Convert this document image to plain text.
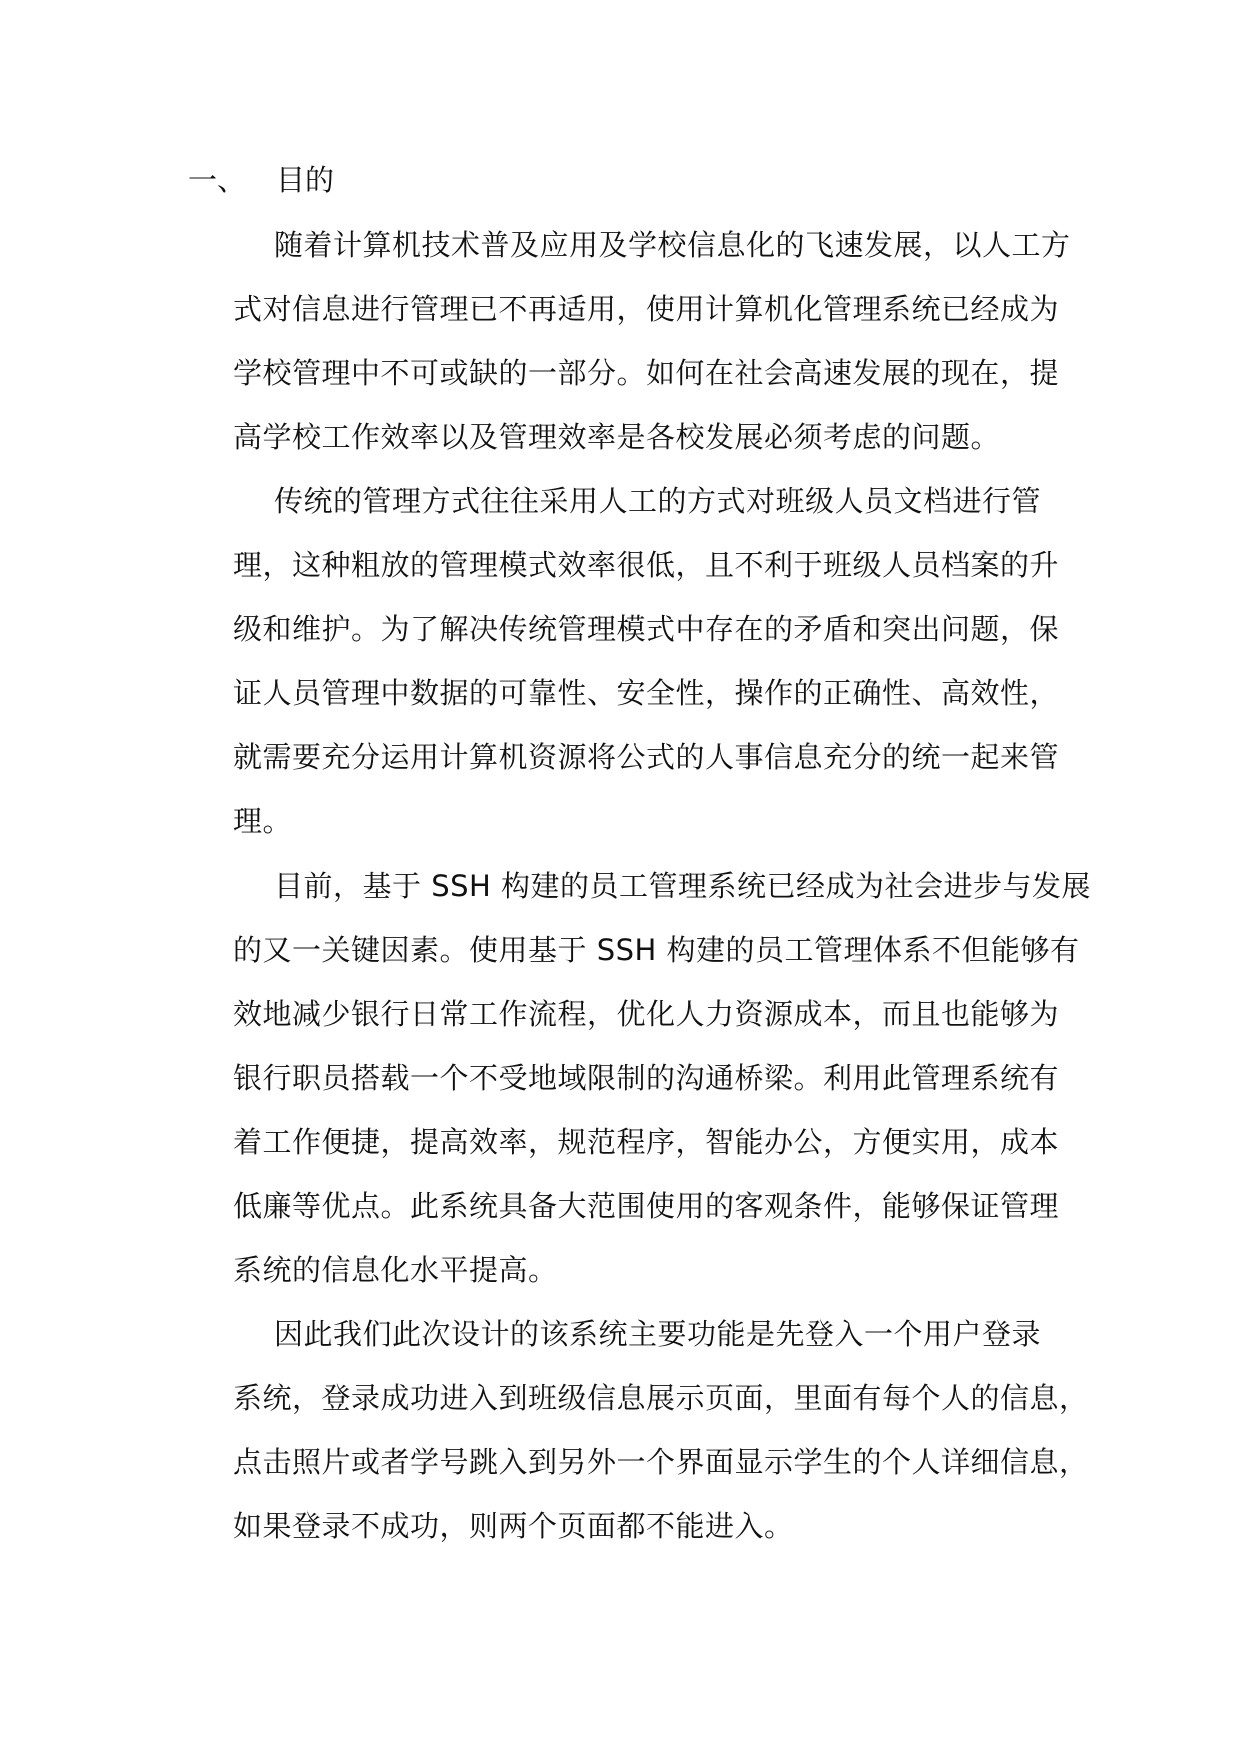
一、 目的
随着计算机技术普及应用及学校信息化的飞速发展，以人工方
式对信息进行管理已不再适用，使用计算机化管理系统已经成为
学校管理中不可或缺的一部分。如何在社会高速发展的现在，提
高学校工作效率以及管理效率是各校发展必须考虑的问题。
传统的管理方式往往采用人工的方式对班级人员文档进行管
理，这种粗放的管理模式效率很低，且不利于班级人员档案的升
级和维护。为了解决传统管理模式中存在的矛盾和突出问题，保
证人员管理中数据的可靠性、安全性，操作的正确性、高效性，
就需要充分运用计算机资源将公式的人事信息充分的统一起来管
理。
目前，基于 SSH 构建的员工管理系统已经成为社会进步与发展
的又一关键因素。使用基于 SSH 构建的员工管理体系不但能够有
效地减少银行日常工作流程，优化人力资源成本，而且也能够为
银行职员搭载一个不受地域限制的沟通桥梁。利用此管理系统有
着工作便捷，提高效率，规范程序，智能办公，方便实用，成本
低廉等优点。此系统具备大范围使用的客观条件，能够保证管理
系统的信息化水平提高。
因此我们此次设计的该系统主要功能是先登入一个用户登录
系统，登录成功进入到班级信息展示页面，里面有每个人的信息，
点击照片或者学号跳入到另外一个界面显示学生的个人详细信息，
如果登录不成功，则两个页面都不能进入。
